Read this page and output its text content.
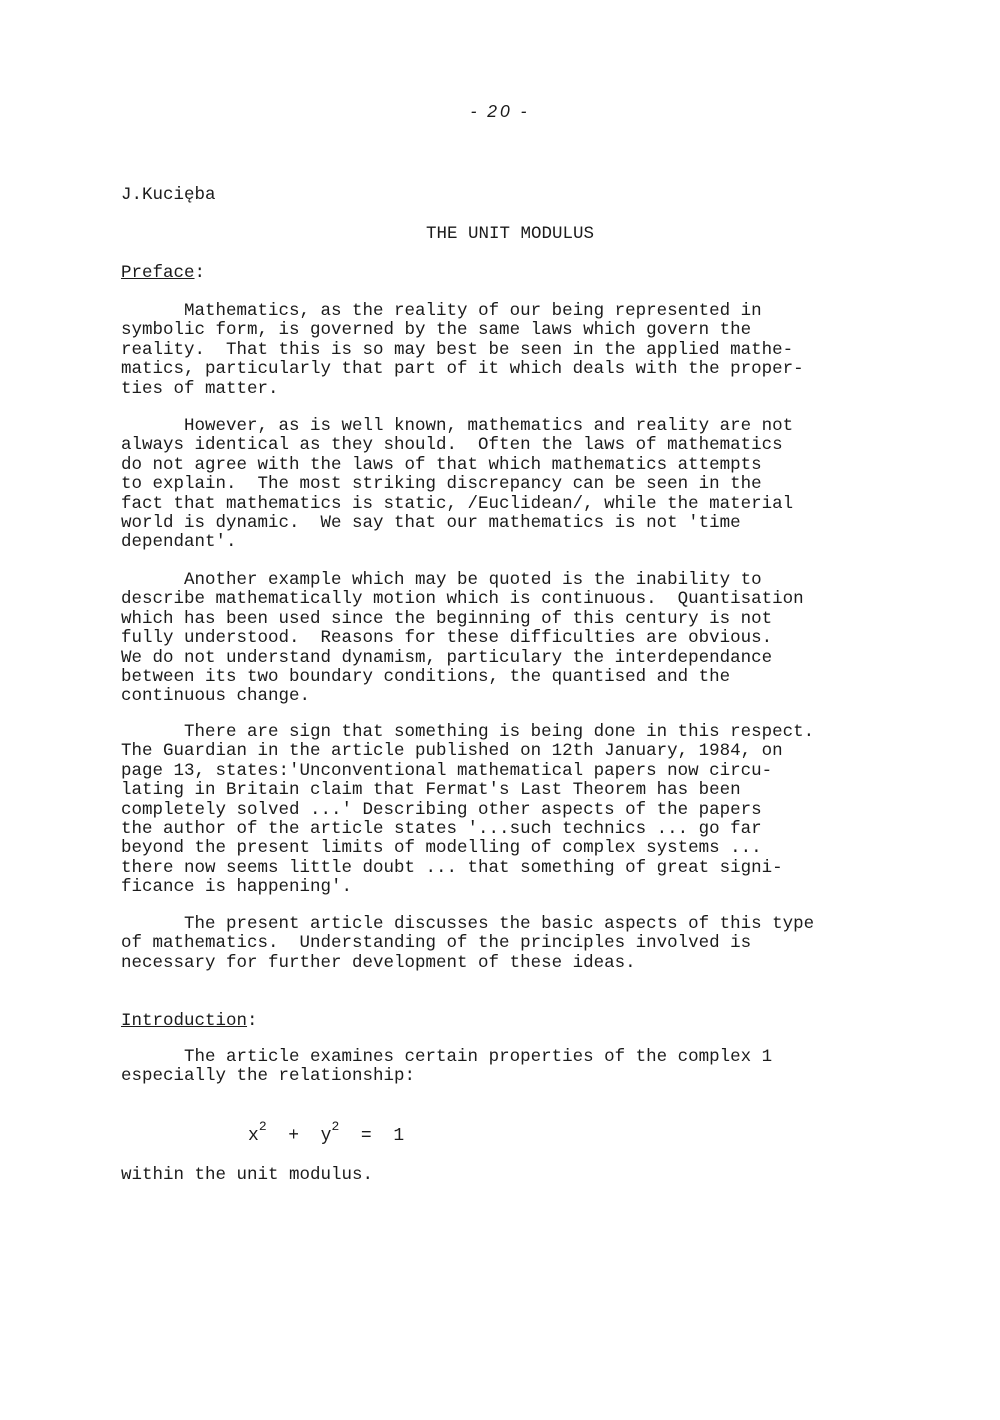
- 20 -
J.Kucięba
THE UNIT MODULUS
Preface:
Mathematics, as the reality of our being represented in
symbolic form, is governed by the same laws which govern the
reality.  That this is so may best be seen in the applied mathe-
matics, particularly that part of it which deals with the proper-
ties of matter.
However, as is well known, mathematics and reality are not
always identical as they should.  Often the laws of mathematics
do not agree with the laws of that which mathematics attempts
to explain.  The most striking discrepancy can be seen in the
fact that mathematics is static, /Euclidean/, while the material
world is dynamic.  We say that our mathematics is not 'time
dependant'.
Another example which may be quoted is the inability to
describe mathematically motion which is continuous.  Quantisation
which has been used since the beginning of this century is not
fully understood.  Reasons for these difficulties are obvious.
We do not understand dynamism, particulary the interdependance
between its two boundary conditions, the quantised and the
continuous change.
There are sign that something is being done in this respect.
The Guardian in the article published on 12th January, 1984, on
page 13, states:'Unconventional mathematical papers now circu-
lating in Britain claim that Fermat's Last Theorem has been
completely solved ...' Describing other aspects of the papers
the author of the article states '...such technics ... go far
beyond the present limits of modelling of complex systems ...
there now seems little doubt ... that something of great signi-
ficance is happening'.
The present article discusses the basic aspects of this type
of mathematics.  Understanding of the principles involved is
necessary for further development of these ideas.
Introduction:
The article examines certain properties of the complex 1
especially the relationship:
$x^2 + y^2 = 1$
within the unit modulus.
